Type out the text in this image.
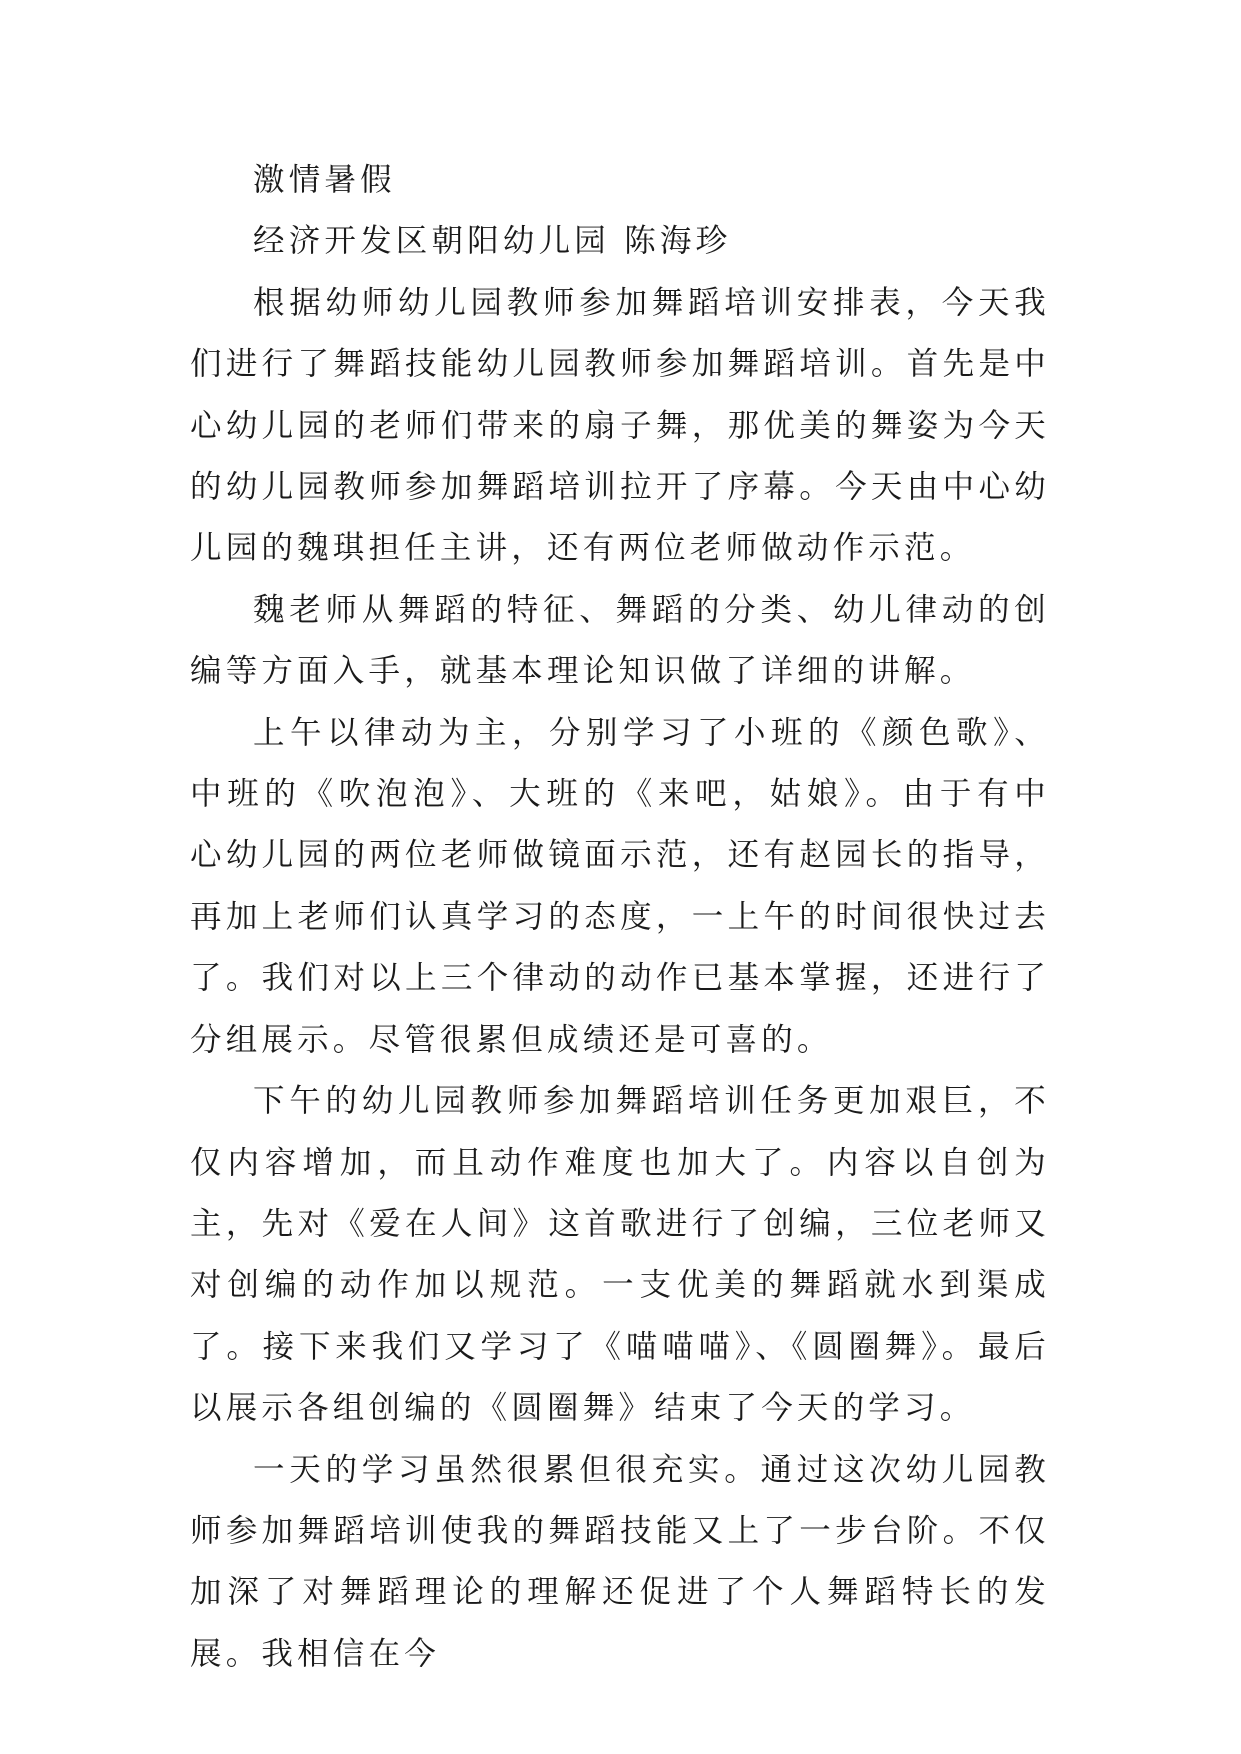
激情暑假

经济开发区朝阳幼儿园 陈海珍

根据幼师幼儿园教师参加舞蹈培训安排表，今天我们进行了舞蹈技能幼儿园教师参加舞蹈培训。首先是中心幼儿园的老师们带来的扇子舞，那优美的舞姿为今天的幼儿园教师参加舞蹈培训拉开了序幕。今天由中心幼儿园的魏琪担任主讲，还有两位老师做动作示范。

魏老师从舞蹈的特征、舞蹈的分类、幼儿律动的创编等方面入手，就基本理论知识做了详细的讲解。

上午以律动为主，分别学习了小班的《颜色歌》、中班的《吹泡泡》、大班的《来吧，姑娘》。由于有中心幼儿园的两位老师做镜面示范，还有赵园长的指导，再加上老师们认真学习的态度，一上午的时间很快过去了。我们对以上三个律动的动作已基本掌握，还进行了分组展示。尽管很累但成绩还是可喜的。

下午的幼儿园教师参加舞蹈培训任务更加艰巨，不仅内容增加，而且动作难度也加大了。内容以自创为主，先对《爱在人间》这首歌进行了创编，三位老师又对创编的动作加以规范。一支优美的舞蹈就水到渠成了。接下来我们又学习了《喵喵喵》、《圆圈舞》。最后以展示各组创编的《圆圈舞》结束了今天的学习。

一天的学习虽然很累但很充实。通过这次幼儿园教师参加舞蹈培训使我的舞蹈技能又上了一步台阶。不仅加深了对舞蹈理论的理解还促进了个人舞蹈特长的发展。我相信在今
